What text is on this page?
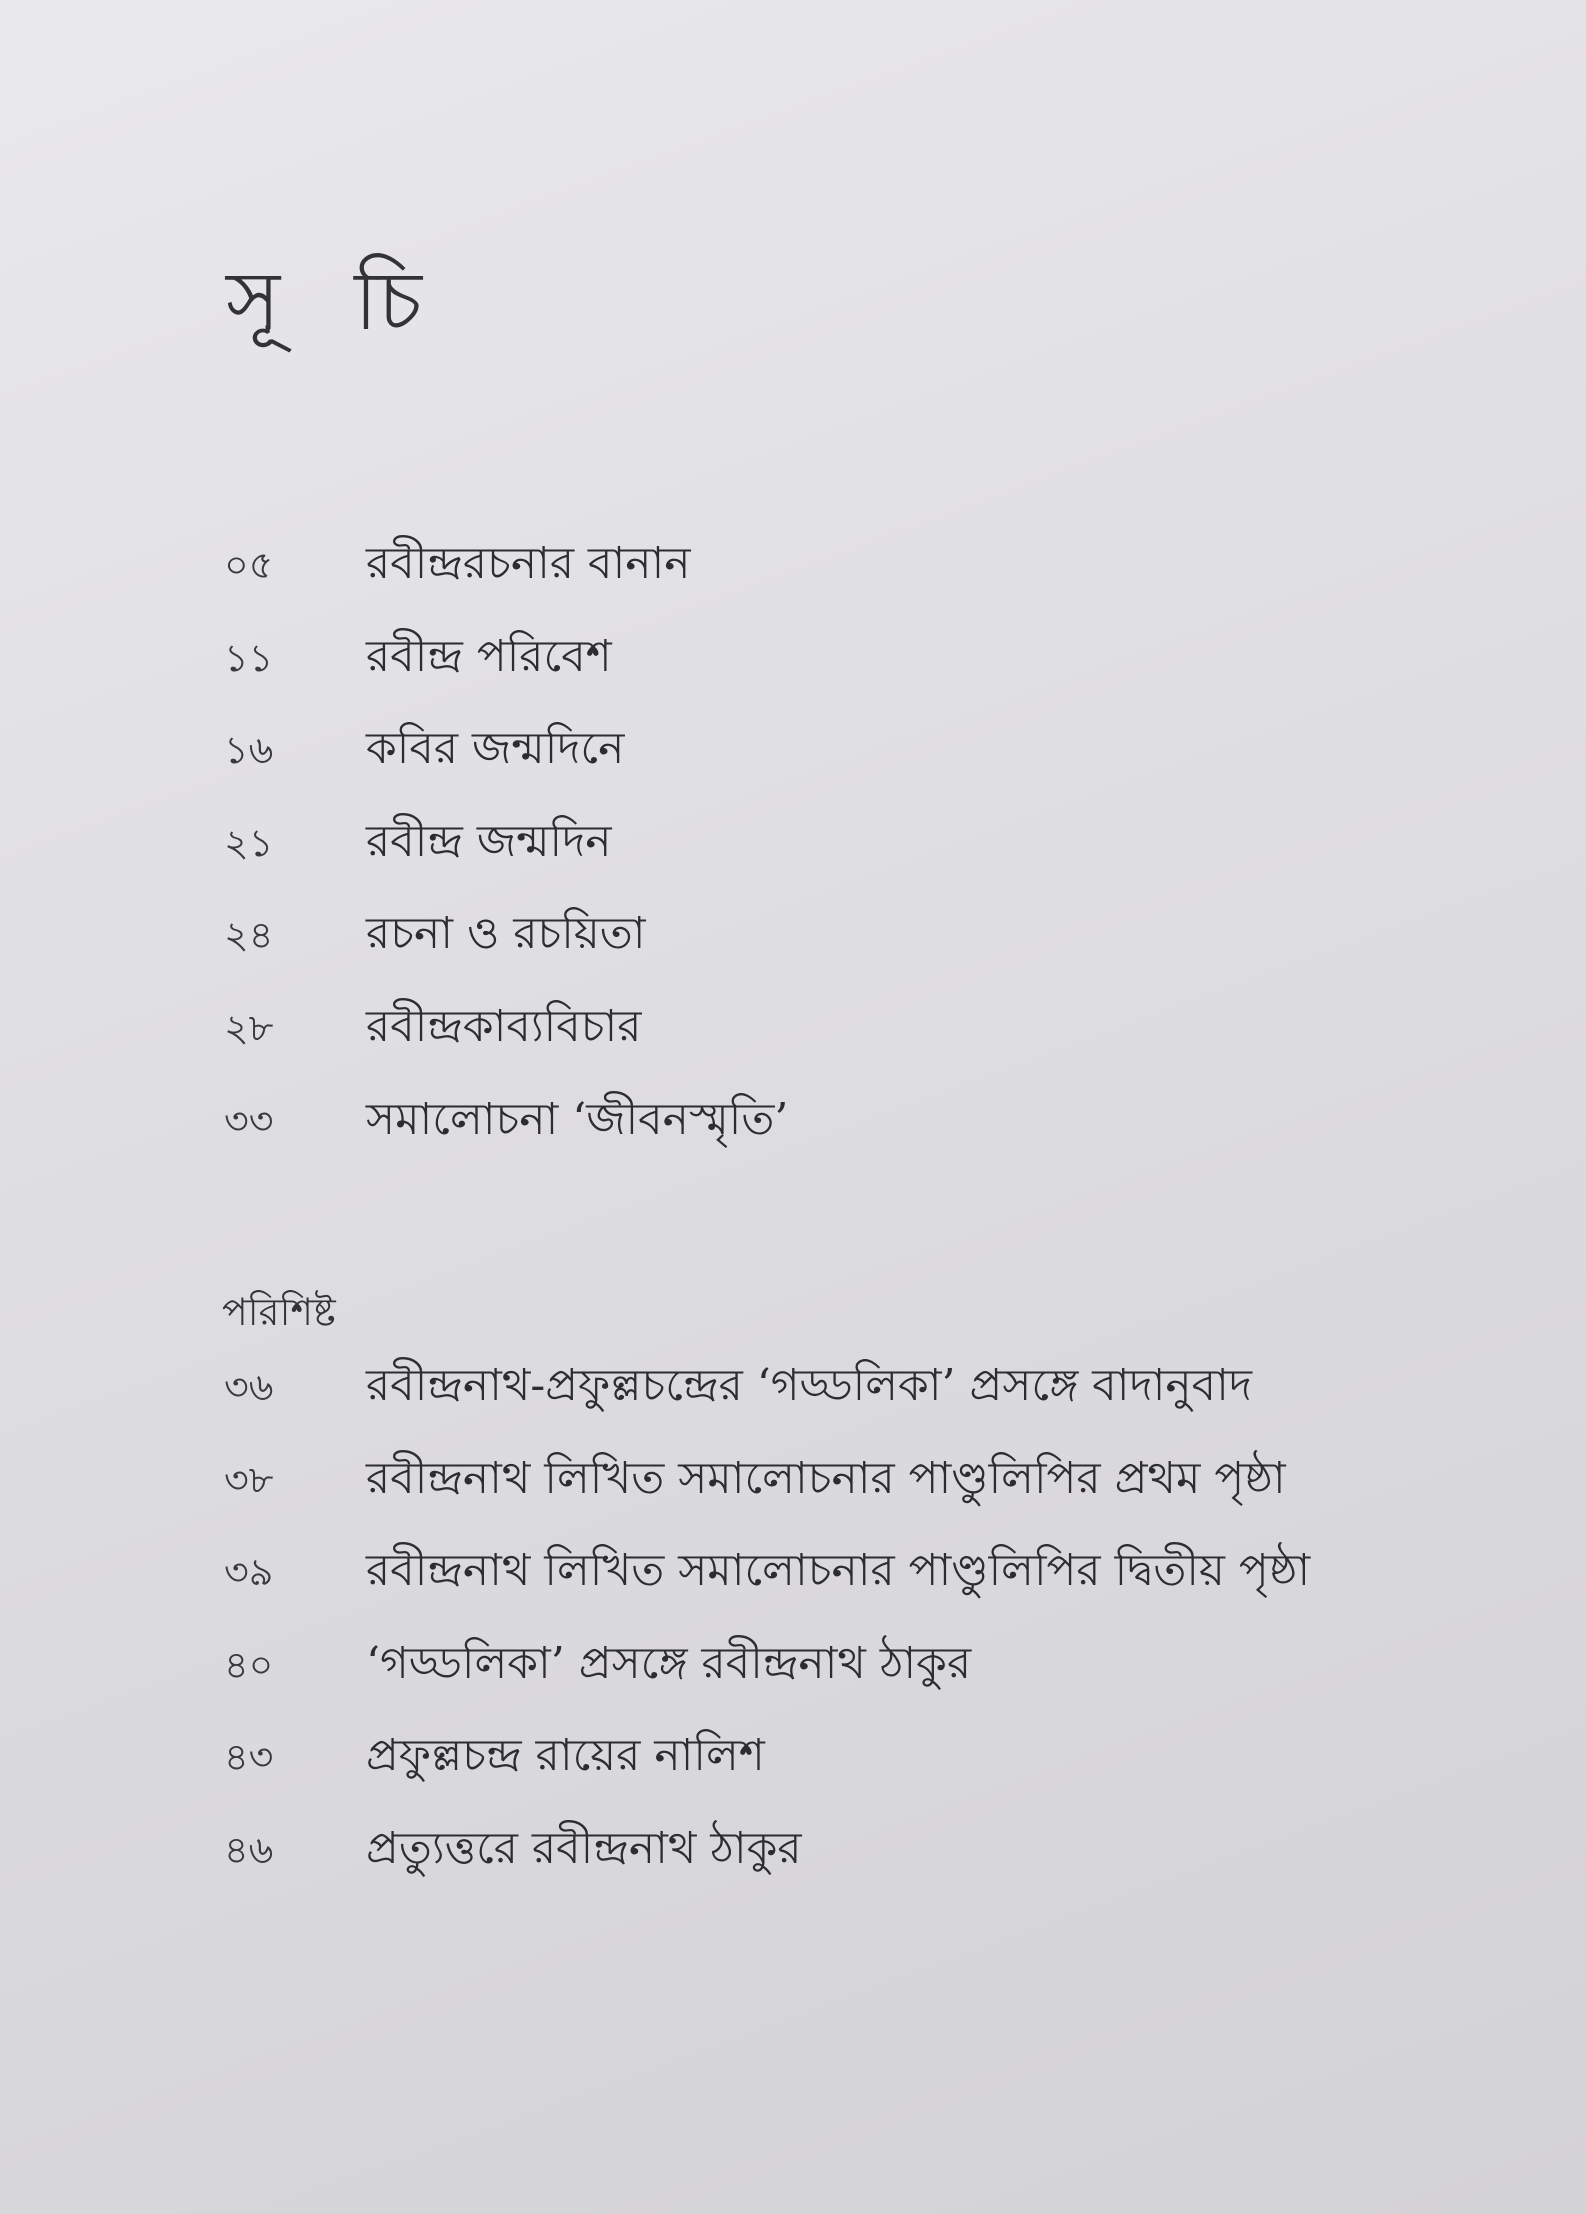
সূ চি
০৫	রবীন্দ্ররচনার বানান
১১	রবীন্দ্র পরিবেশ
১৬	কবির জন্মদিনে
২১	রবীন্দ্র জন্মদিন
২৪	রচনা ও রচয়িতা
২৮	রবীন্দ্রকাব্যবিচার
৩৩	সমালোচনা ‘জীবনস্মৃতি’
পরিশিষ্ট
৩৬	রবীন্দ্রনাথ-প্রফুল্লচন্দ্রের ‘গড্ডলিকা’ প্রসঙ্গে বাদানুবাদ
৩৮	রবীন্দ্রনাথ লিখিত সমালোচনার পাণ্ডুলিপির প্রথম পৃষ্ঠা
৩৯	রবীন্দ্রনাথ লিখিত সমালোচনার পাণ্ডুলিপির দ্বিতীয় পৃষ্ঠা
৪০	‘গড্ডলিকা’ প্রসঙ্গে রবীন্দ্রনাথ ঠাকুর
৪৩	প্রফুল্লচন্দ্র রায়ের নালিশ
৪৬	প্রত্যুত্তরে রবীন্দ্রনাথ ঠাকুর
